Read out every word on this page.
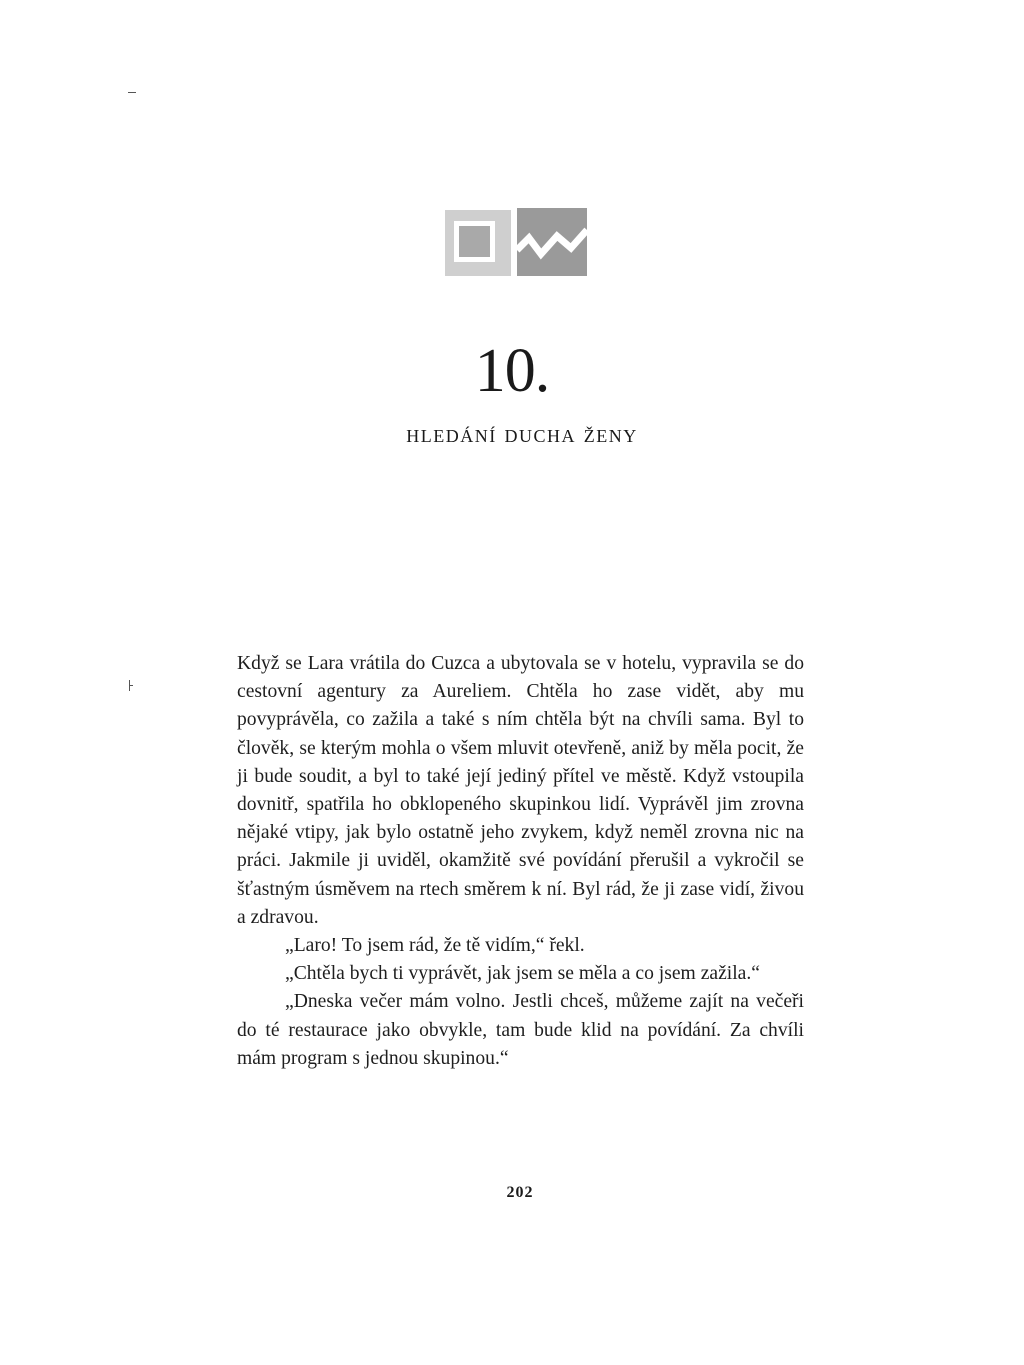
10.
hledání ducha ženy

Když se Lara vrátila do Cuzca a ubytovala se v hotelu, vypravila se do cestovní agentury za Aureliem. Chtěla ho zase vidět, aby mu povyprávěla, co zažila a také s ním chtěla být na chvíli sama. Byl to člověk, se kterým mohla o všem mluvit otevřeně, aniž by měla pocit, že ji bude soudit, a byl to také její jediný přítel ve městě. Když vstoupila dovnitř, spatřila ho obklopeného skupinkou lidí. Vyprávěl jim zrovna nějaké vtipy, jak bylo ostatně jeho zvykem, když neměl zrovna nic na práci. Jakmile ji uviděl, okamžitě své povídání přerušil a vykročil se šťastným úsměvem na rtech směrem k ní. Byl rád, že ji zase vidí, živou a zdravou.

„Laro! To jsem rád, že tě vidím,“ řekl.

„Chtěla bych ti vyprávět, jak jsem se měla a co jsem zažila.“

„Dneska večer mám volno. Jestli chceš, můžeme zajít na večeři do té restaurace jako obvykle, tam bude klid na povídání. Za chvíli mám program s jednou skupinou.“

202
